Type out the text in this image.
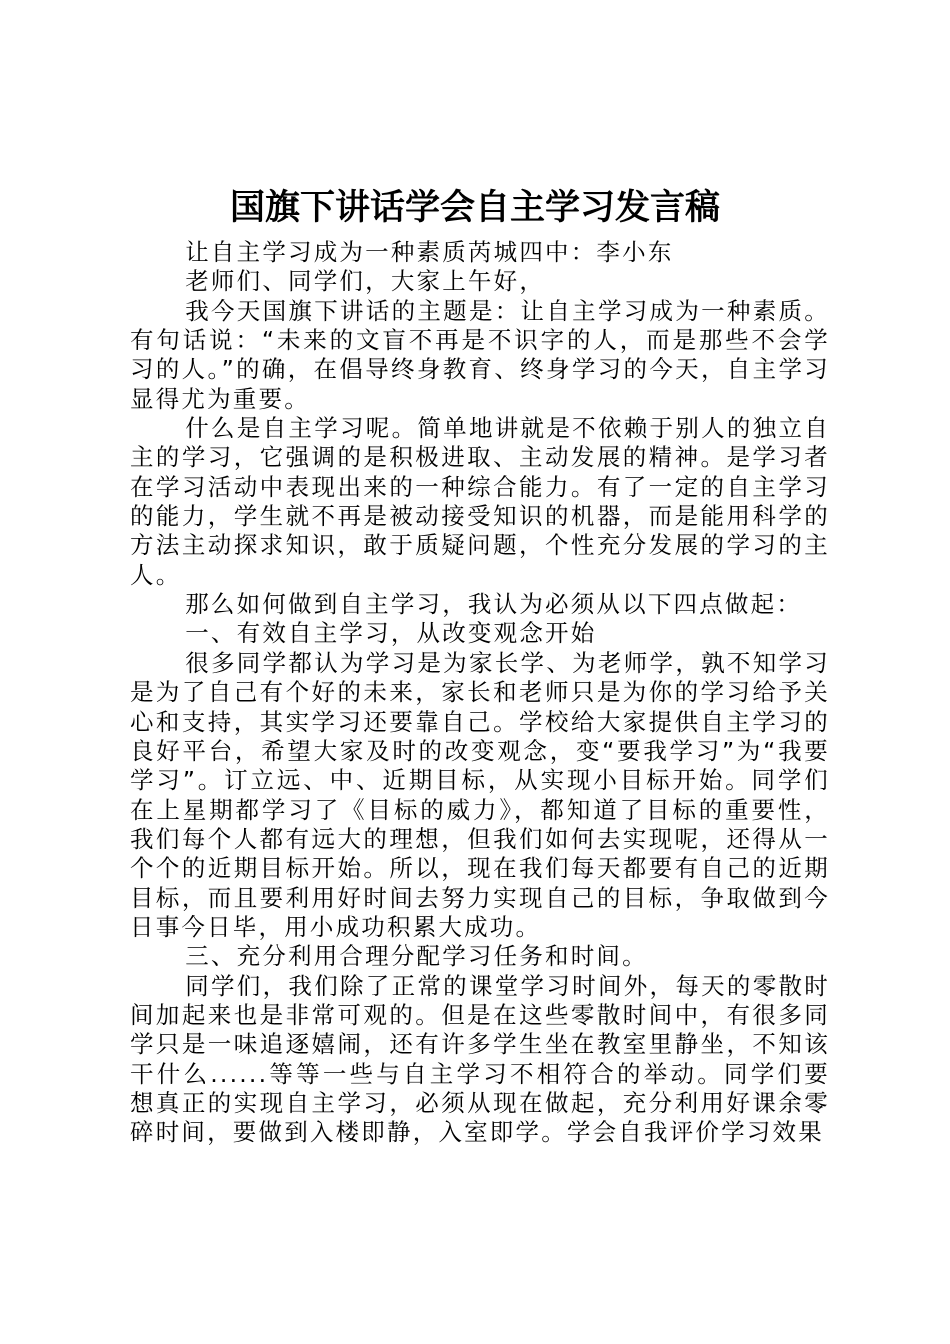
国旗下讲话学会自主学习发言稿

让自主学习成为一种素质芮城四中：李小东

老师们、同学们，大家上午好，

我今天国旗下讲话的主题是：让自主学习成为一种素质。有句话说：“未来的文盲不再是不识字的人，而是那些不会学习的人。”的确，在倡导终身教育、终身学习的今天，自主学习显得尤为重要。

什么是自主学习呢。简单地讲就是不依赖于别人的独立自主的学习，它强调的是积极进取、主动发展的精神。是学习者在学习活动中表现出来的一种综合能力。有了一定的自主学习的能力，学生就不再是被动接受知识的机器，而是能用科学的方法主动探求知识，敢于质疑问题，个性充分发展的学习的主人。

那么如何做到自主学习，我认为必须从以下四点做起：

一、有效自主学习，从改变观念开始

很多同学都认为学习是为家长学、为老师学，孰不知学习是为了自己有个好的未来，家长和老师只是为你的学习给予关心和支持，其实学习还要靠自己。学校给大家提供自主学习的良好平台，希望大家及时的改变观念，变“要我学习”为“我要学习”。订立远、中、近期目标，从实现小目标开始。同学们在上星期都学习了《目标的威力》，都知道了目标的重要性，我们每个人都有远大的理想，但我们如何去实现呢，还得从一个个的近期目标开始。所以，现在我们每天都要有自己的近期目标，而且要利用好时间去努力实现自己的目标，争取做到今日事今日毕，用小成功积累大成功。

三、充分利用合理分配学习任务和时间。

同学们，我们除了正常的课堂学习时间外，每天的零散时间加起来也是非常可观的。但是在这些零散时间中，有很多同学只是一味追逐嬉闹，还有许多学生坐在教室里静坐，不知该干什么......等等一些与自主学习不相符合的举动。同学们要想真正的实现自主学习，必须从现在做起，充分利用好课余零碎时间，要做到入楼即静，入室即学。学会自我评价学习效果
